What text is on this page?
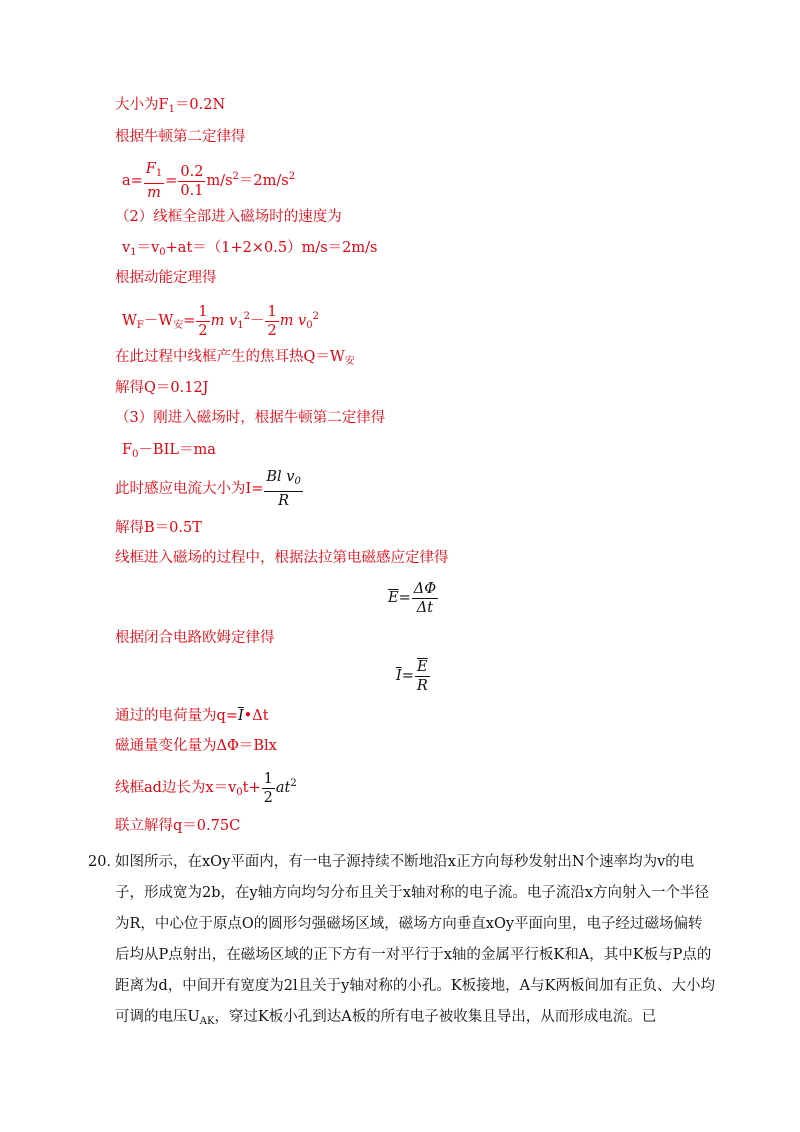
大小为$F_1=0.2N$
根据牛顿第二定律得
$a= \frac{F_1}{m} = \frac{0.2}{0.1} m/s^2=2m/s^2$
（2）线框全部进入磁场时的速度为
$v_1=v_0+at=(1+2\times 0.5)m/s=2m/s$
根据动能定理得
$W_F-W_安= \frac{1}{2}$ m $v_1^2- \frac{1}{2}$ m $v_0^2$
在此过程中线框产生的焦耳热$Q=W_安$
解得Q＝0.12J
（3）刚进入磁场时，根据牛顿第二定律得
$F_0-BIL=ma$
此时感应电流大小为$I= \frac{Bl v_0}{R}$
解得B＝0.5T
线框进入磁场的过程中，根据法拉第电磁感应定律得
$\overline{E}= \frac{\Delta\Phi}{\Delta t}$
根据闭合电路欧姆定律得
$\overline{I}= \frac{\overline{E}}{R}$
通过的电荷量为$q=\overline{I}•\Delta t$
磁通量变化量为ΔΦ＝Blx
线框ad边长为$x=v_0t+ \frac{1}{2} at^2$
联立解得q＝0.75C
20．
如图所示，在xOy平面内，有一电子源持续不断地沿x正方向每秒发射出N个速率均为v的电子，形成宽为2b，在y轴方向均匀分布且关于x轴对称的电子流。电子流沿x方向射入一个半径为R，中心位于原点O的圆形匀强磁场区域，磁场方向垂直xOy平面向里，电子经过磁场偏转后均从P点射出，在磁场区域的正下方有一对平行于x轴的金属平行板K和A，其中K板与P点的距离为d，中间开有宽度为2l且关于y轴对称的小孔。K板接地，A与K两板间加有正负、大小均可调的电压$U_{AK}$，穿过K板小孔到达A板的所有电子被收集且导出，从而形成电流。已
